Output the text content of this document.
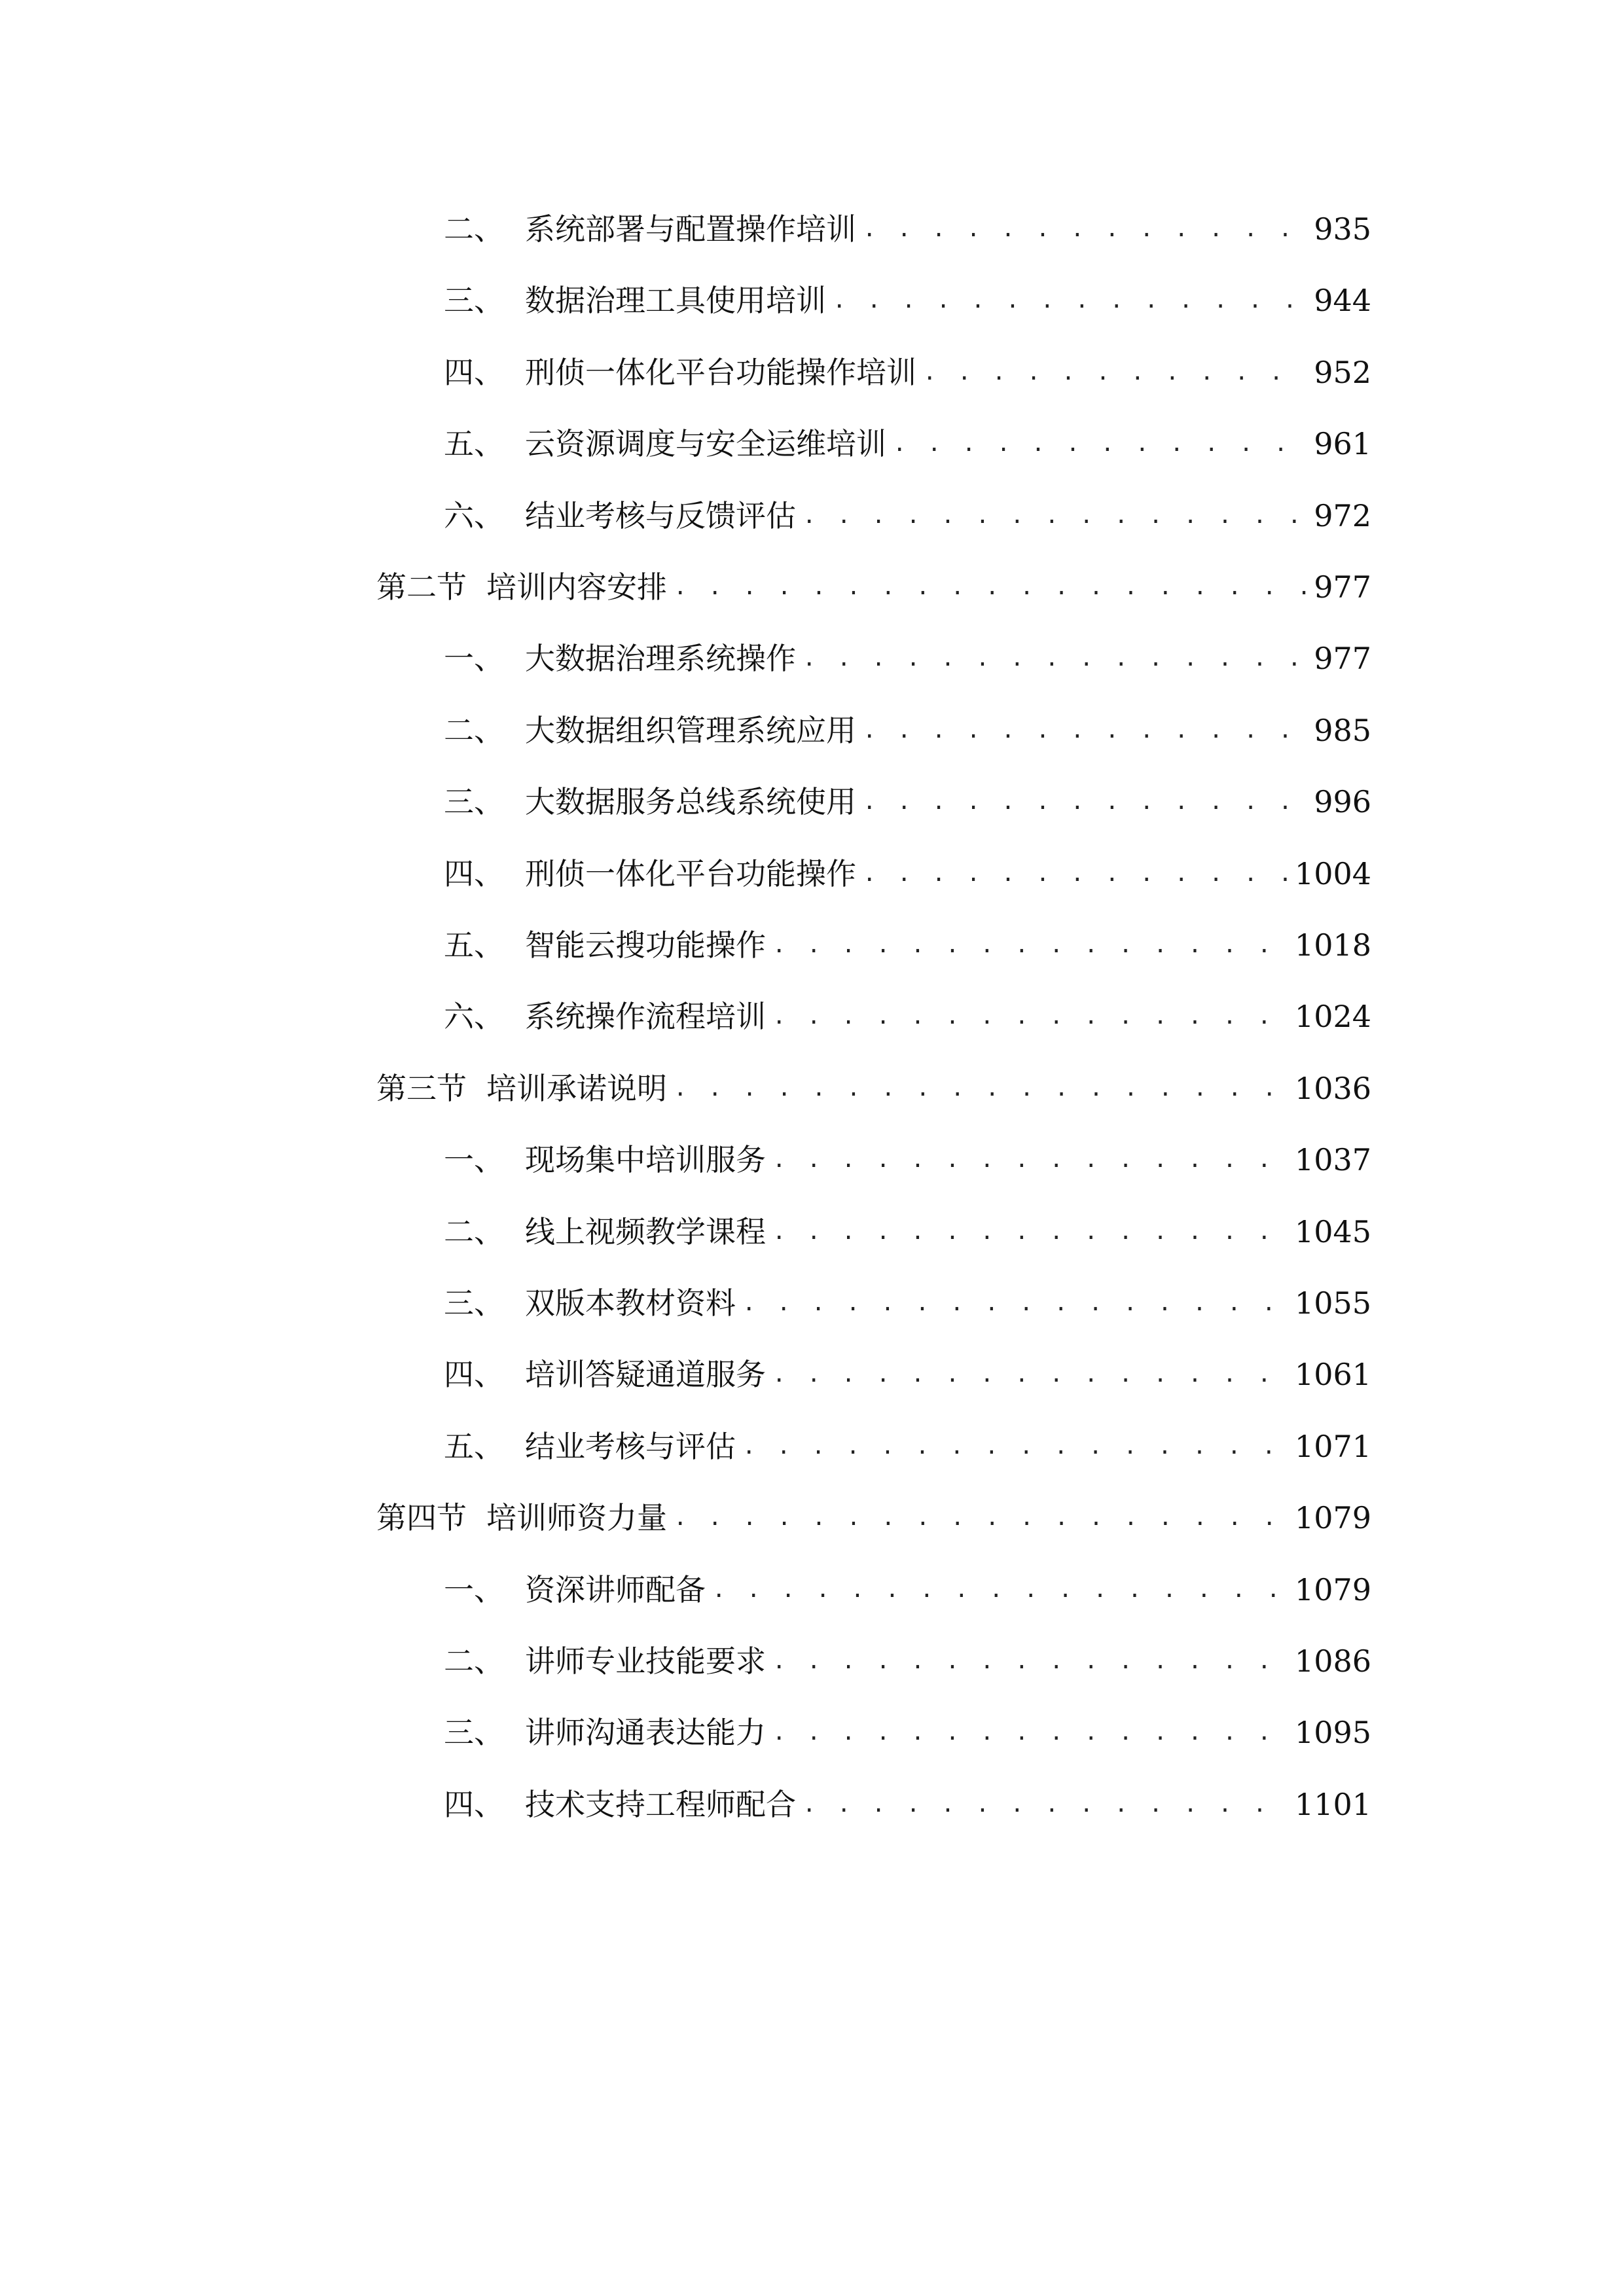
二、 系统部署与配置操作培训 . . .	935
三、 数据治理工具使用培训 . . .	944
四、 刑侦一体化平台功能操作培训 . . .	952
五、 云资源调度与安全运维培训 . . .	961
六、 结业考核与反馈评估 . . .	972
第二节 培训内容安排 . . .	977
一、 大数据治理系统操作 . . .	977
二、 大数据组织管理系统应用 . . .	985
三、 大数据服务总线系统使用 . . .	996
四、 刑侦一体化平台功能操作 . . .	1004
五、 智能云搜功能操作 . . .	1018
六、 系统操作流程培训 . . .	1024
第三节 培训承诺说明 . . .	1036
一、 现场集中培训服务 . . .	1037
二、 线上视频教学课程 . . .	1045
三、 双版本教材资料 . . .	1055
四、 培训答疑通道服务 . . .	1061
五、 结业考核与评估 . . .	1071
第四节 培训师资力量 . . .	1079
一、 资深讲师配备 . . .	1079
二、 讲师专业技能要求 . . .	1086
三、 讲师沟通表达能力 . . .	1095
四、 技术支持工程师配合 . . .	1101
